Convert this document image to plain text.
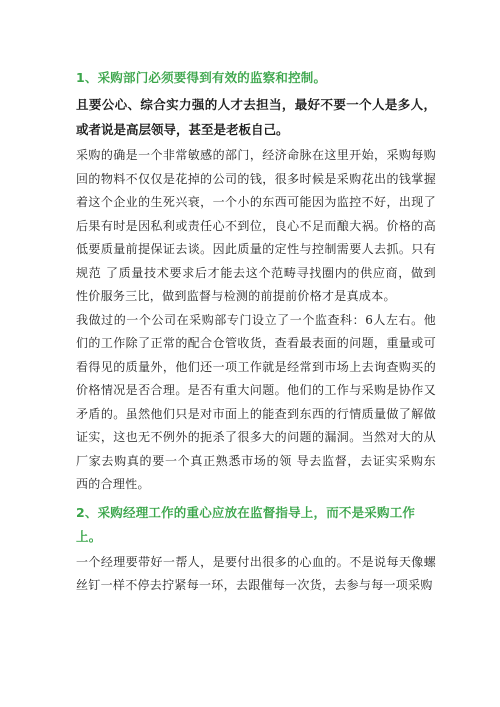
1、采购部门必须要得到有效的监察和控制。
且要公心、综合实力强的人才去担当，最好不要一个人是多人，或者说是高层领导，甚至是老板自己。

采购的确是一个非常敏感的部门，经济命脉在这里开始，采购每购回的物料不仅仅是花掉的公司的钱，很多时候是采购花出的钱掌握着这个企业的生死兴衰，一个小的东西可能因为监控不好，出现了后果有时是因私利或责任心不到位，良心不足而酿大祸。价格的高低要质量前提保证去谈。因此质量的定性与控制需要人去抓。只有规范 了质量技术要求后才能去这个范畴寻找圈内的供应商，做到性价服务三比，做到监督与检测的前提前价格才是真成本。

我做过的一个公司在采购部专门设立了一个监查科：6人左右。他们的工作除了正常的配合仓管收货，查看最表面的问题，重量或可看得见的质量外，他们还一项工作就是经常到市场上去询查购买的价格情况是否合理。是否有重大问题。他们的工作与采购是协作又矛盾的。虽然他们只是对市面上的能查到东西的行情质量做了解做证实，这也无不例外的扼杀了很多大的问题的漏洞。当然对大的从厂家去购真的要一个真正熟悉市场的领 导去监督，去证实采购东西的合理性。

2、采购经理工作的重心应放在监督指导上，而不是采购工作上。

一个经理要带好一帮人，是要付出很多的心血的。不是说每天像螺丝钉一样不停去拧紧每一环，去跟催每一次货，去参与每一项采购
